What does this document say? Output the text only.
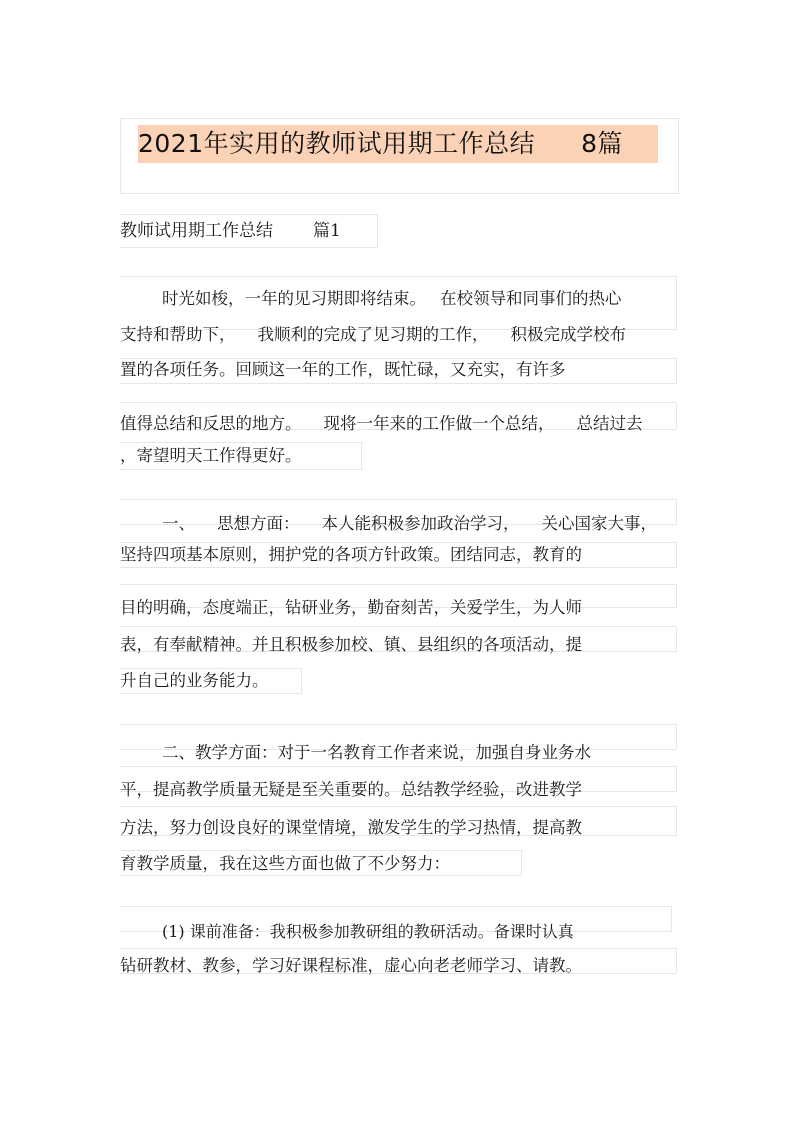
2021年实用的教师试用期工作总结 8篇
教师试用期工作总结 篇1
时光如梭，一年的见习期即将结束。 在校领导和同事们的热心
支持和帮助下， 我顺利的完成了见习期的工作， 积极完成学校布
置的各项任务。回顾这一年的工作，既忙碌，又充实，有许多
值得总结和反思的地方。 现将一年来的工作做一个总结， 总结过去
，寄望明天工作得更好。
一、 思想方面： 本人能积极参加政治学习， 关心国家大事，
坚持四项基本原则，拥护党的各项方针政策。团结同志，教育的
目的明确，态度端正，钻研业务，勤奋刻苦，关爱学生，为人师
表，有奉献精神。并且积极参加校、镇、县组织的各项活动，提
升自己的业务能力。
二、教学方面：对于一名教育工作者来说，加强自身业务水
平，提高教学质量无疑是至关重要的。总结教学经验，改进教学
方法，努力创设良好的课堂情境，激发学生的学习热情，提高教
育教学质量，我在这些方面也做了不少努力：
(1) 课前准备：我积极参加教研组的教研活动。备课时认真
钻研教材、教参，学习好课程标准，虚心向老老师学习、请教。
